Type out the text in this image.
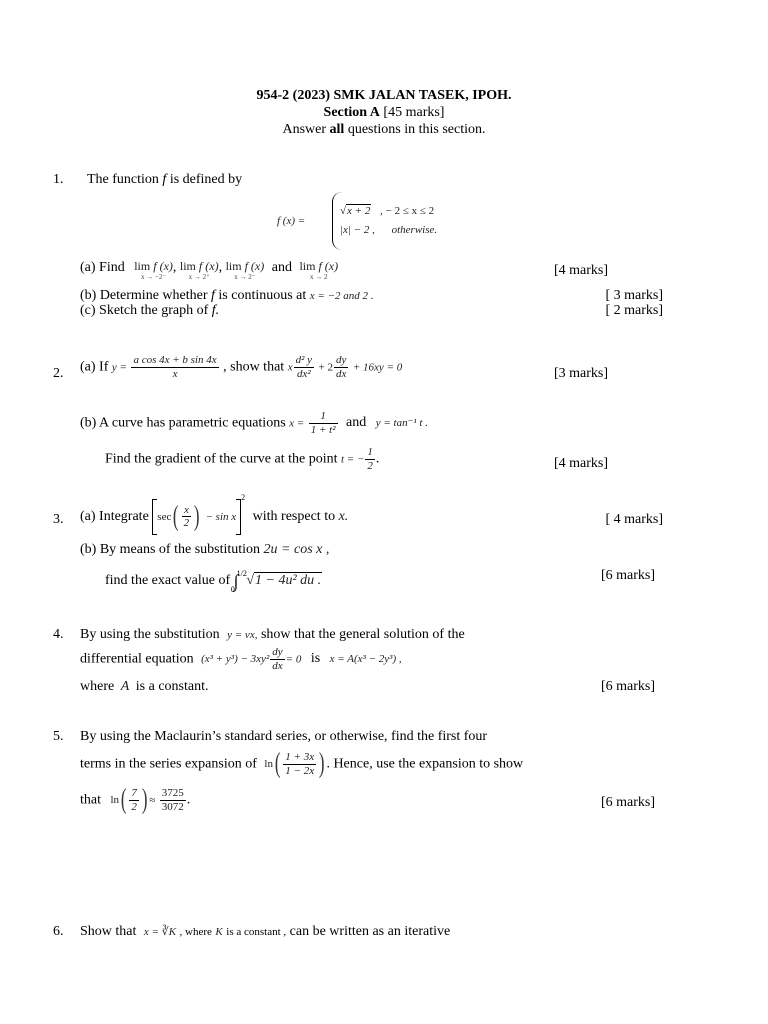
954-2 (2023) SMK JALAN TASEK, IPOH.
Section A [45 marks]
Answer all questions in this section.
1. The function f is defined by
f (x) =
√x + 2 , − 2 ≤ x ≤ 2
|x| − 2 , otherwise.
(a) Find lim f (x)
x → −2⁻
, lim f (x)
x → 2⁺
, lim f (x)
x → 2⁻
and lim f (x)
x → 2	[4 marks]
(b) Determine whether f is continuous at x = −2 and 2 .	[ 3 marks]
(c) Sketch the graph of f.	[ 2 marks]
2. (a) If $y = \frac{\text{a cos 4x + b sin 4x}}{x}$ , show that x $\frac{\text{d² y}}{\text{dx²}} + 2 \frac{dy}{dx} + 16xy = 0$	[3 marks]
(b) A curve has parametric equations $x = \frac{1}{\text{1 + t²}}$ and y = tan⁻¹ t .
Find the gradient of the curve at the point t = − $\frac{1}{2}$ .	[4 marks]
3. (a) Integrate $\sec( \frac{x}{2}$ ) − $\sin x^2$ with respect to x.	[ 4 marks]
(b) By means of the substitution 2u = cos x ,
find the exact value of ∫$^{1/2}_0$ √1 − 4u² du .	[6 marks]
4. By using the substitution y = vx, show that the general solution of the
differential equation $(x^3 + y^3) - 3xy^2 \frac{dy}{dx} = 0$ is x = A(x³ − 2y³) ,
where A is a constant.	[6 marks]
5. By using the Maclaurin’s standard series, or otherwise, find the first four
terms in the series expansion of $\ln( \frac{1 + 3x}{1 - 2x}$ ) . Hence, use the expansion to show
that $\ln( \frac{7}{2}$ ) ≈ $\frac{3725}{3072}$ .	[6 marks]
6. Show that x = ∛K , where K is a constant , can be written as an iterative
